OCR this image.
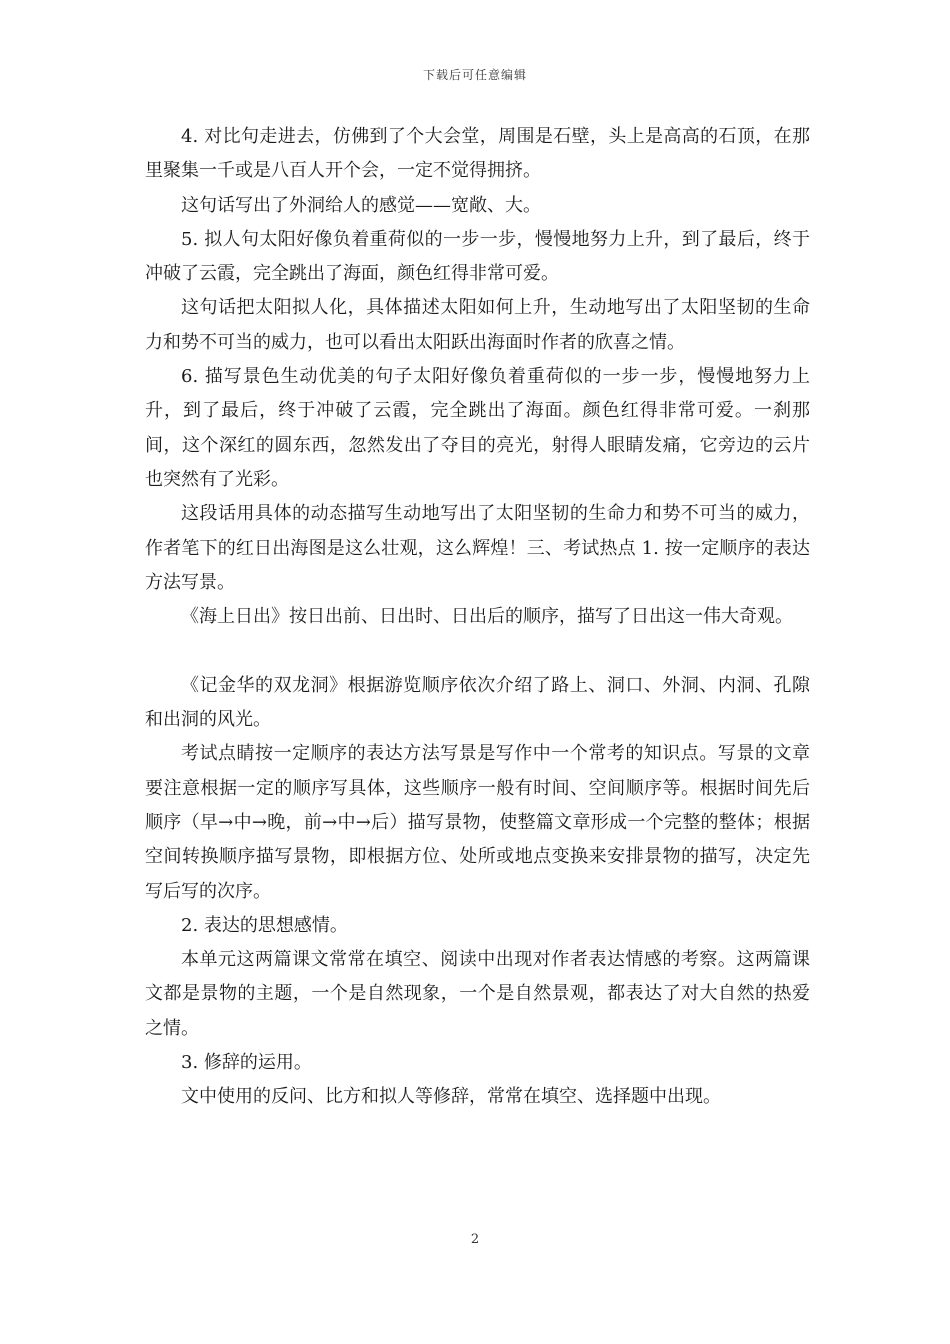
下载后可任意编辑

4. 对比句走进去，仿佛到了个大会堂，周围是石壁，头上是高高的石顶，在那里聚集一千或是八百人开个会，一定不觉得拥挤。

这句话写出了外洞给人的感觉——宽敞、大。

5. 拟人句太阳好像负着重荷似的一步一步，慢慢地努力上升，到了最后，终于冲破了云霞，完全跳出了海面，颜色红得非常可爱。

这句话把太阳拟人化，具体描述太阳如何上升，生动地写出了太阳坚韧的生命力和势不可当的威力，也可以看出太阳跃出海面时作者的欣喜之情。

6. 描写景色生动优美的句子太阳好像负着重荷似的一步一步，慢慢地努力上升，到了最后，终于冲破了云霞，完全跳出了海面。颜色红得非常可爱。一刹那间，这个深红的圆东西，忽然发出了夺目的亮光，射得人眼睛发痛，它旁边的云片也突然有了光彩。

这段话用具体的动态描写生动地写出了太阳坚韧的生命力和势不可当的威力，作者笔下的红日出海图是这么壮观，这么辉煌！三、考试热点 1. 按一定顺序的表达方法写景。

《海上日出》按日出前、日出时、日出后的顺序，描写了日出这一伟大奇观。

《记金华的双龙洞》根据游览顺序依次介绍了路上、洞口、外洞、内洞、孔隙和出洞的风光。

考试点睛按一定顺序的表达方法写景是写作中一个常考的知识点。写景的文章要注意根据一定的顺序写具体，这些顺序一般有时间、空间顺序等。根据时间先后顺序（早→中→晚，前→中→后）描写景物，使整篇文章形成一个完整的整体；根据空间转换顺序描写景物，即根据方位、处所或地点变换来安排景物的描写，决定先写后写的次序。

2. 表达的思想感情。

本单元这两篇课文常常在填空、阅读中出现对作者表达情感的考察。这两篇课文都是景物的主题，一个是自然现象，一个是自然景观，都表达了对大自然的热爱之情。

3. 修辞的运用。

文中使用的反问、比方和拟人等修辞，常常在填空、选择题中出现。

2
